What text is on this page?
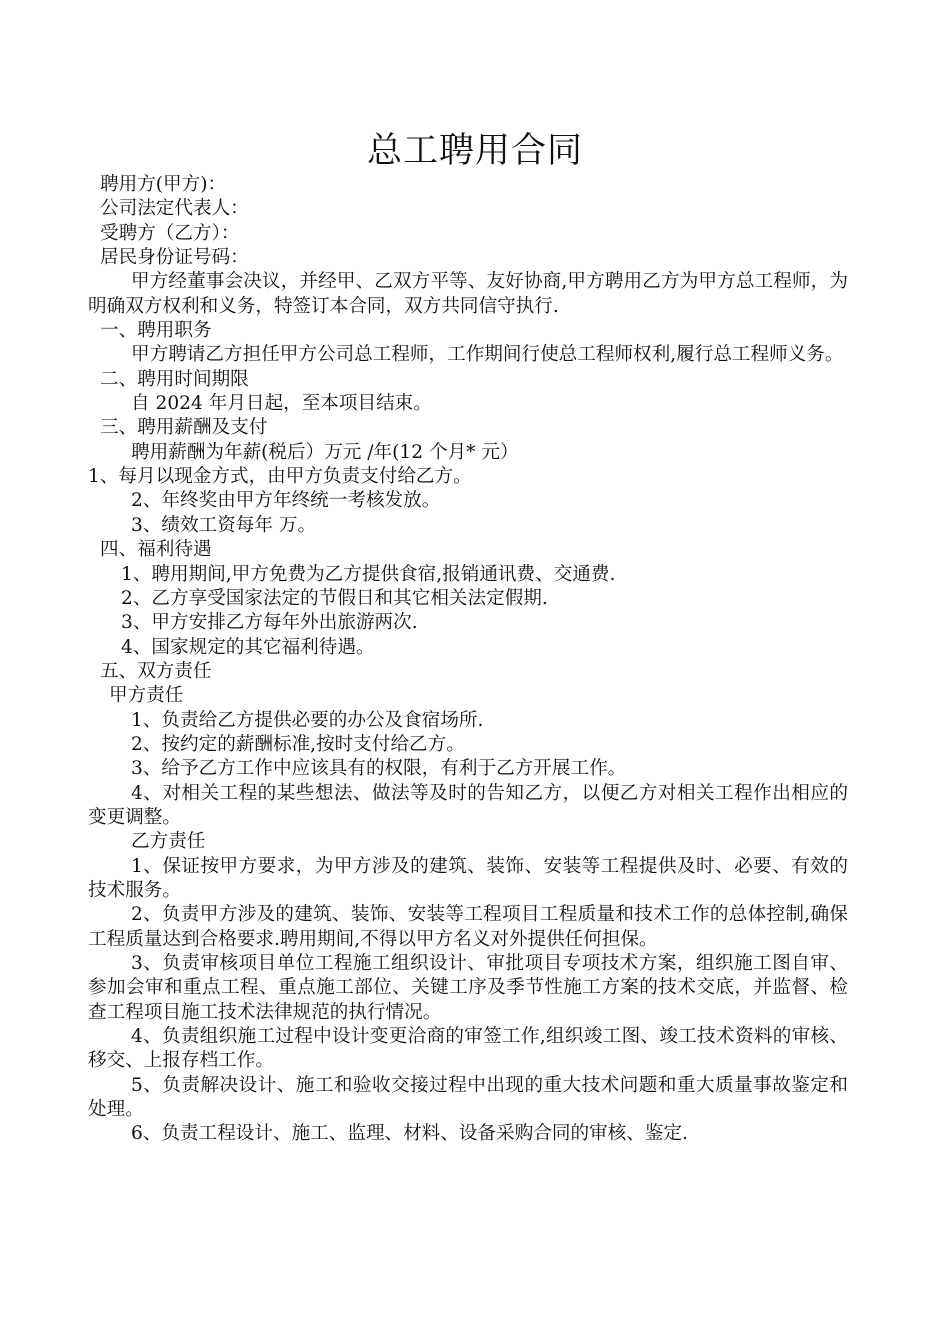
总工聘用合同

聘用方(甲方)：

公司法定代表人：

受聘方（乙方）：

居民身份证号码：

甲方经董事会决议，并经甲、乙双方平等、友好协商,甲方聘用乙方为甲方总工程师，为明确双方权利和义务，特签订本合同，双方共同信守执行.

一、聘用职务

甲方聘请乙方担任甲方公司总工程师，工作期间行使总工程师权利,履行总工程师义务。

二、聘用时间期限

自 2024 年月日起，至本项目结束。

三、聘用薪酬及支付

聘用薪酬为年薪(税后）万元 /年(12 个月* 元）

1、每月以现金方式，由甲方负责支付给乙方。

2、年终奖由甲方年终统一考核发放。

3、绩效工资每年 万。

四、福利待遇

1、聘用期间,甲方免费为乙方提供食宿,报销通讯费、交通费.

2、乙方享受国家法定的节假日和其它相关法定假期.

3、甲方安排乙方每年外出旅游两次.

4、国家规定的其它福利待遇。

五、双方责任

甲方责任

1、负责给乙方提供必要的办公及食宿场所.

2、按约定的薪酬标准,按时支付给乙方。

3、给予乙方工作中应该具有的权限，有利于乙方开展工作。

4、对相关工程的某些想法、做法等及时的告知乙方，以便乙方对相关工程作出相应的变更调整。

乙方责任

1、保证按甲方要求，为甲方涉及的建筑、装饰、安装等工程提供及时、必要、有效的技术服务。

2、负责甲方涉及的建筑、装饰、安装等工程项目工程质量和技术工作的总体控制,确保工程质量达到合格要求.聘用期间,不得以甲方名义对外提供任何担保。

3、负责审核项目单位工程施工组织设计、审批项目专项技术方案，组织施工图自审、参加会审和重点工程、重点施工部位、关键工序及季节性施工方案的技术交底，并监督、检查工程项目施工技术法律规范的执行情况。

4、负责组织施工过程中设计变更洽商的审签工作,组织竣工图、竣工技术资料的审核、移交、上报存档工作。

5、负责解决设计、施工和验收交接过程中出现的重大技术问题和重大质量事故鉴定和处理。

6、负责工程设计、施工、监理、材料、设备采购合同的审核、鉴定.
